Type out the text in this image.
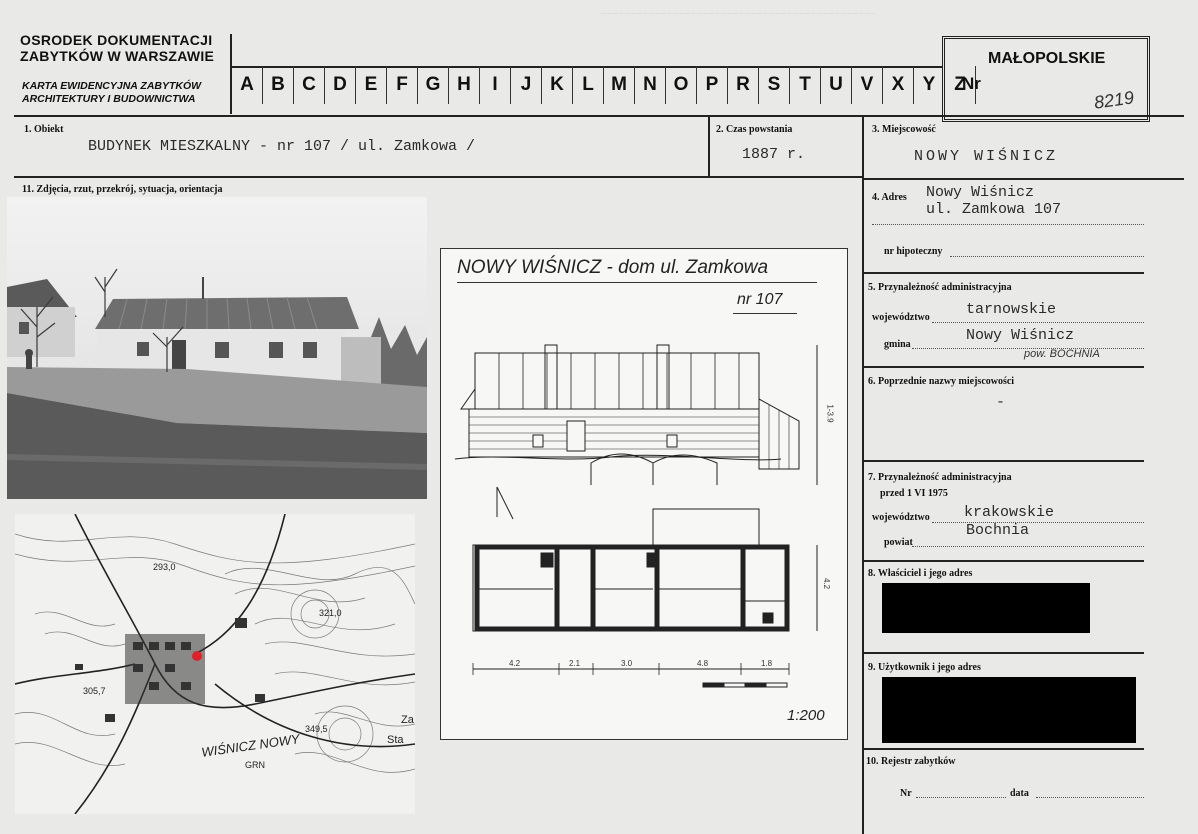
~~~~~~~~~~~~~~~~~~~~~~~~~~~~~~~~~~~~~~~~~~~~~~
OSRODEK DOKUMENTACJI
ZABYTKÓW W WARSZAWIE
KARTA EWIDENCYJNA ZABYTKÓW
ARCHITEKTURY I BUDOWNICTWA
A B C D E F G H	I	J K L M N O P R S T U V X Y Z
Nr
MAŁOPOLSKIE
8219
1. Obiekt
BUDYNEK MIESZKALNY - nr 107 / ul. Zamkowa /
2. Czas powstania
1887 r.
3. Miejscowość
NOWY WIŚNICZ
11. Zdjęcia, rzut, przekrój, sytuacja, orientacja
4. Adres Nowy Wiśnicz
ul. Zamkowa 107
nr hipoteczny
5. Przynależność administracyjna
województwo tarnowskie
gmina
Nowy Wiśnicz
pow. BOCHNIA
6. Poprzednie nazwy miejscowości
-
7. Przynależność administracyjna
przed 1 VI 1975
województwo krakowskie
powiat
Bochnia
8. Właściciel i jego adres
9. Użytkownik i jego adres
10. Rejestr zabytków
Nr	data
293,0
321,0
305,7
349,5
WIŚNICZ NOWY
GRN
Sta
Za
NOWY WIŚNICZ - dom ul. Zamkowa
nr 107
1-3.9
4.2
4.2	2.1	3.0	4.8	1.8
1:200
